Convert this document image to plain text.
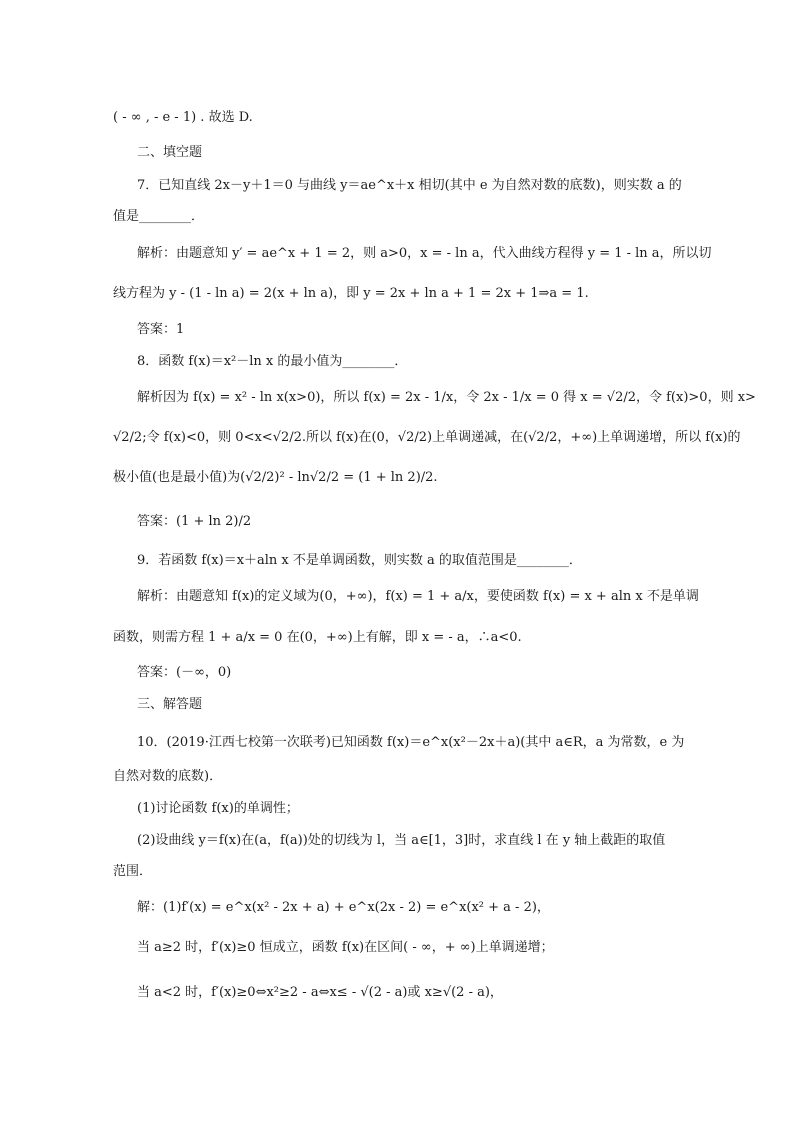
( - ∞ , - e - 1) . 故选 D.
二、填空题
7．已知直线 2x－y＋1＝0 与曲线 y＝ae^x＋x 相切(其中 e 为自然对数的底数)，则实数 a 的
值是________．
解析：由题意知 y′ = ae^x + 1 = 2，则 a>0，x = - ln a，代入曲线方程得 y = 1 - ln a，所以切
线方程为 y - (1 - ln a) = 2(x + ln a)，即 y = 2x + ln a + 1 = 2x + 1⇒a = 1.
答案：1
8．函数 f(x)＝x²－ln x 的最小值为________．
解析因为 f(x) = x² - ln x(x>0)，所以 f(x) = 2x - 1/x，令 2x - 1/x = 0 得 x = √2/2，令 f(x)>0，则 x>
√2/2;令 f(x)<0，则 0<x<√2/2.所以 f(x)在(0，√2/2)上单调递减，在(√2/2，+∞)上单调递增，所以 f(x)的
极小值(也是最小值)为(√2/2)² - ln√2/2 = (1 + ln 2)/2.
答案：(1 + ln 2)/2
9．若函数 f(x)＝x＋aln x 不是单调函数，则实数 a 的取值范围是________．
解析：由题意知 f(x)的定义域为(0，+∞)，f(x) = 1 + a/x，要使函数 f(x) = x + aln x 不是单调
函数，则需方程 1 + a/x = 0 在(0，+∞)上有解，即 x = - a，∴a<0.
答案：(－∞，0)
三、解答题
10．(2019·江西七校第一次联考)已知函数 f(x)＝e^x(x²－2x＋a)(其中 a∈R，a 为常数，e 为
自然对数的底数)．
(1)讨论函数 f(x)的单调性；
(2)设曲线 y＝f(x)在(a，f(a))处的切线为 l，当 a∈[1，3]时，求直线 l 在 y 轴上截距的取值
范围．
解：(1)f′(x) = e^x(x² - 2x + a) + e^x(2x - 2) = e^x(x² + a - 2)，
当 a≥2 时，f′(x)≥0 恒成立，函数 f(x)在区间( - ∞，+ ∞)上单调递增；
当 a<2 时，f′(x)≥0⇔x²≥2 - a⇔x≤ - √(2 - a)或 x≥√(2 - a)，
